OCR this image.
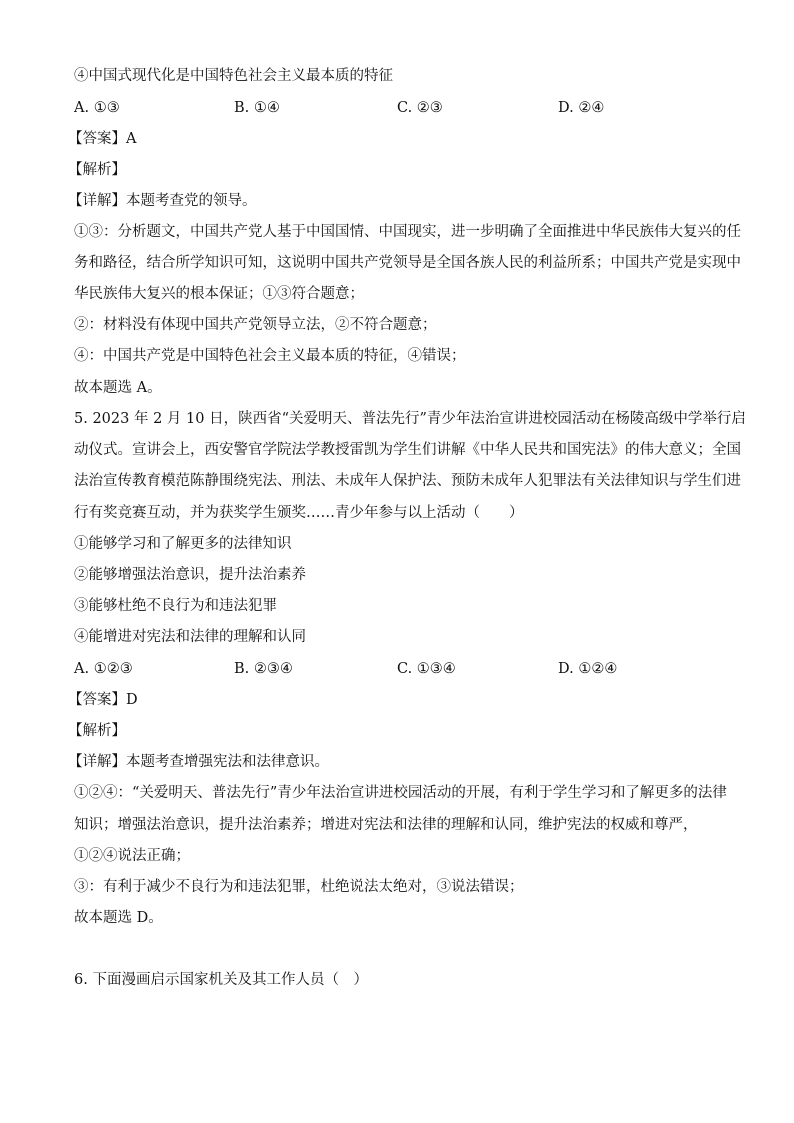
④中国式现代化是中国特色社会主义最本质的特征
A. ①③	B. ①④	C. ②③	D. ②④
【答案】A
【解析】
【详解】本题考查党的领导。
①③：分析题文，中国共产党人基于中国国情、中国现实，进一步明确了全面推进中华民族伟大复兴的任
务和路径，结合所学知识可知，这说明中国共产党领导是全国各族人民的利益所系；中国共产党是实现中
华民族伟大复兴的根本保证；①③符合题意；
②：材料没有体现中国共产党领导立法，②不符合题意；
④：中国共产党是中国特色社会主义最本质的特征，④错误；
故本题选 A。
5. 2023 年 2 月 10 日，陕西省“关爱明天、普法先行”青少年法治宣讲进校园活动在杨陵高级中学举行启
动仪式。宣讲会上，西安警官学院法学教授雷凯为学生们讲解《中华人民共和国宪法》的伟大意义；全国
法治宣传教育模范陈静围绕宪法、刑法、未成年人保护法、预防未成年人犯罪法有关法律知识与学生们进
行有奖竞赛互动，并为获奖学生颁奖……青少年参与以上活动（　　）
①能够学习和了解更多的法律知识
②能够增强法治意识，提升法治素养
③能够杜绝不良行为和违法犯罪
④能增进对宪法和法律的理解和认同
A. ①②③	B. ②③④	C. ①③④	D. ①②④
【答案】D
【解析】
【详解】本题考查增强宪法和法律意识。
①②④：“关爱明天、普法先行”青少年法治宣讲进校园活动的开展，有利于学生学习和了解更多的法律
知识；增强法治意识，提升法治素养；增进对宪法和法律的理解和认同，维护宪法的权威和尊严，
①②④说法正确；
③：有利于减少不良行为和违法犯罪，杜绝说法太绝对，③说法错误；
故本题选 D。
6. 下面漫画启示国家机关及其工作人员（　）
